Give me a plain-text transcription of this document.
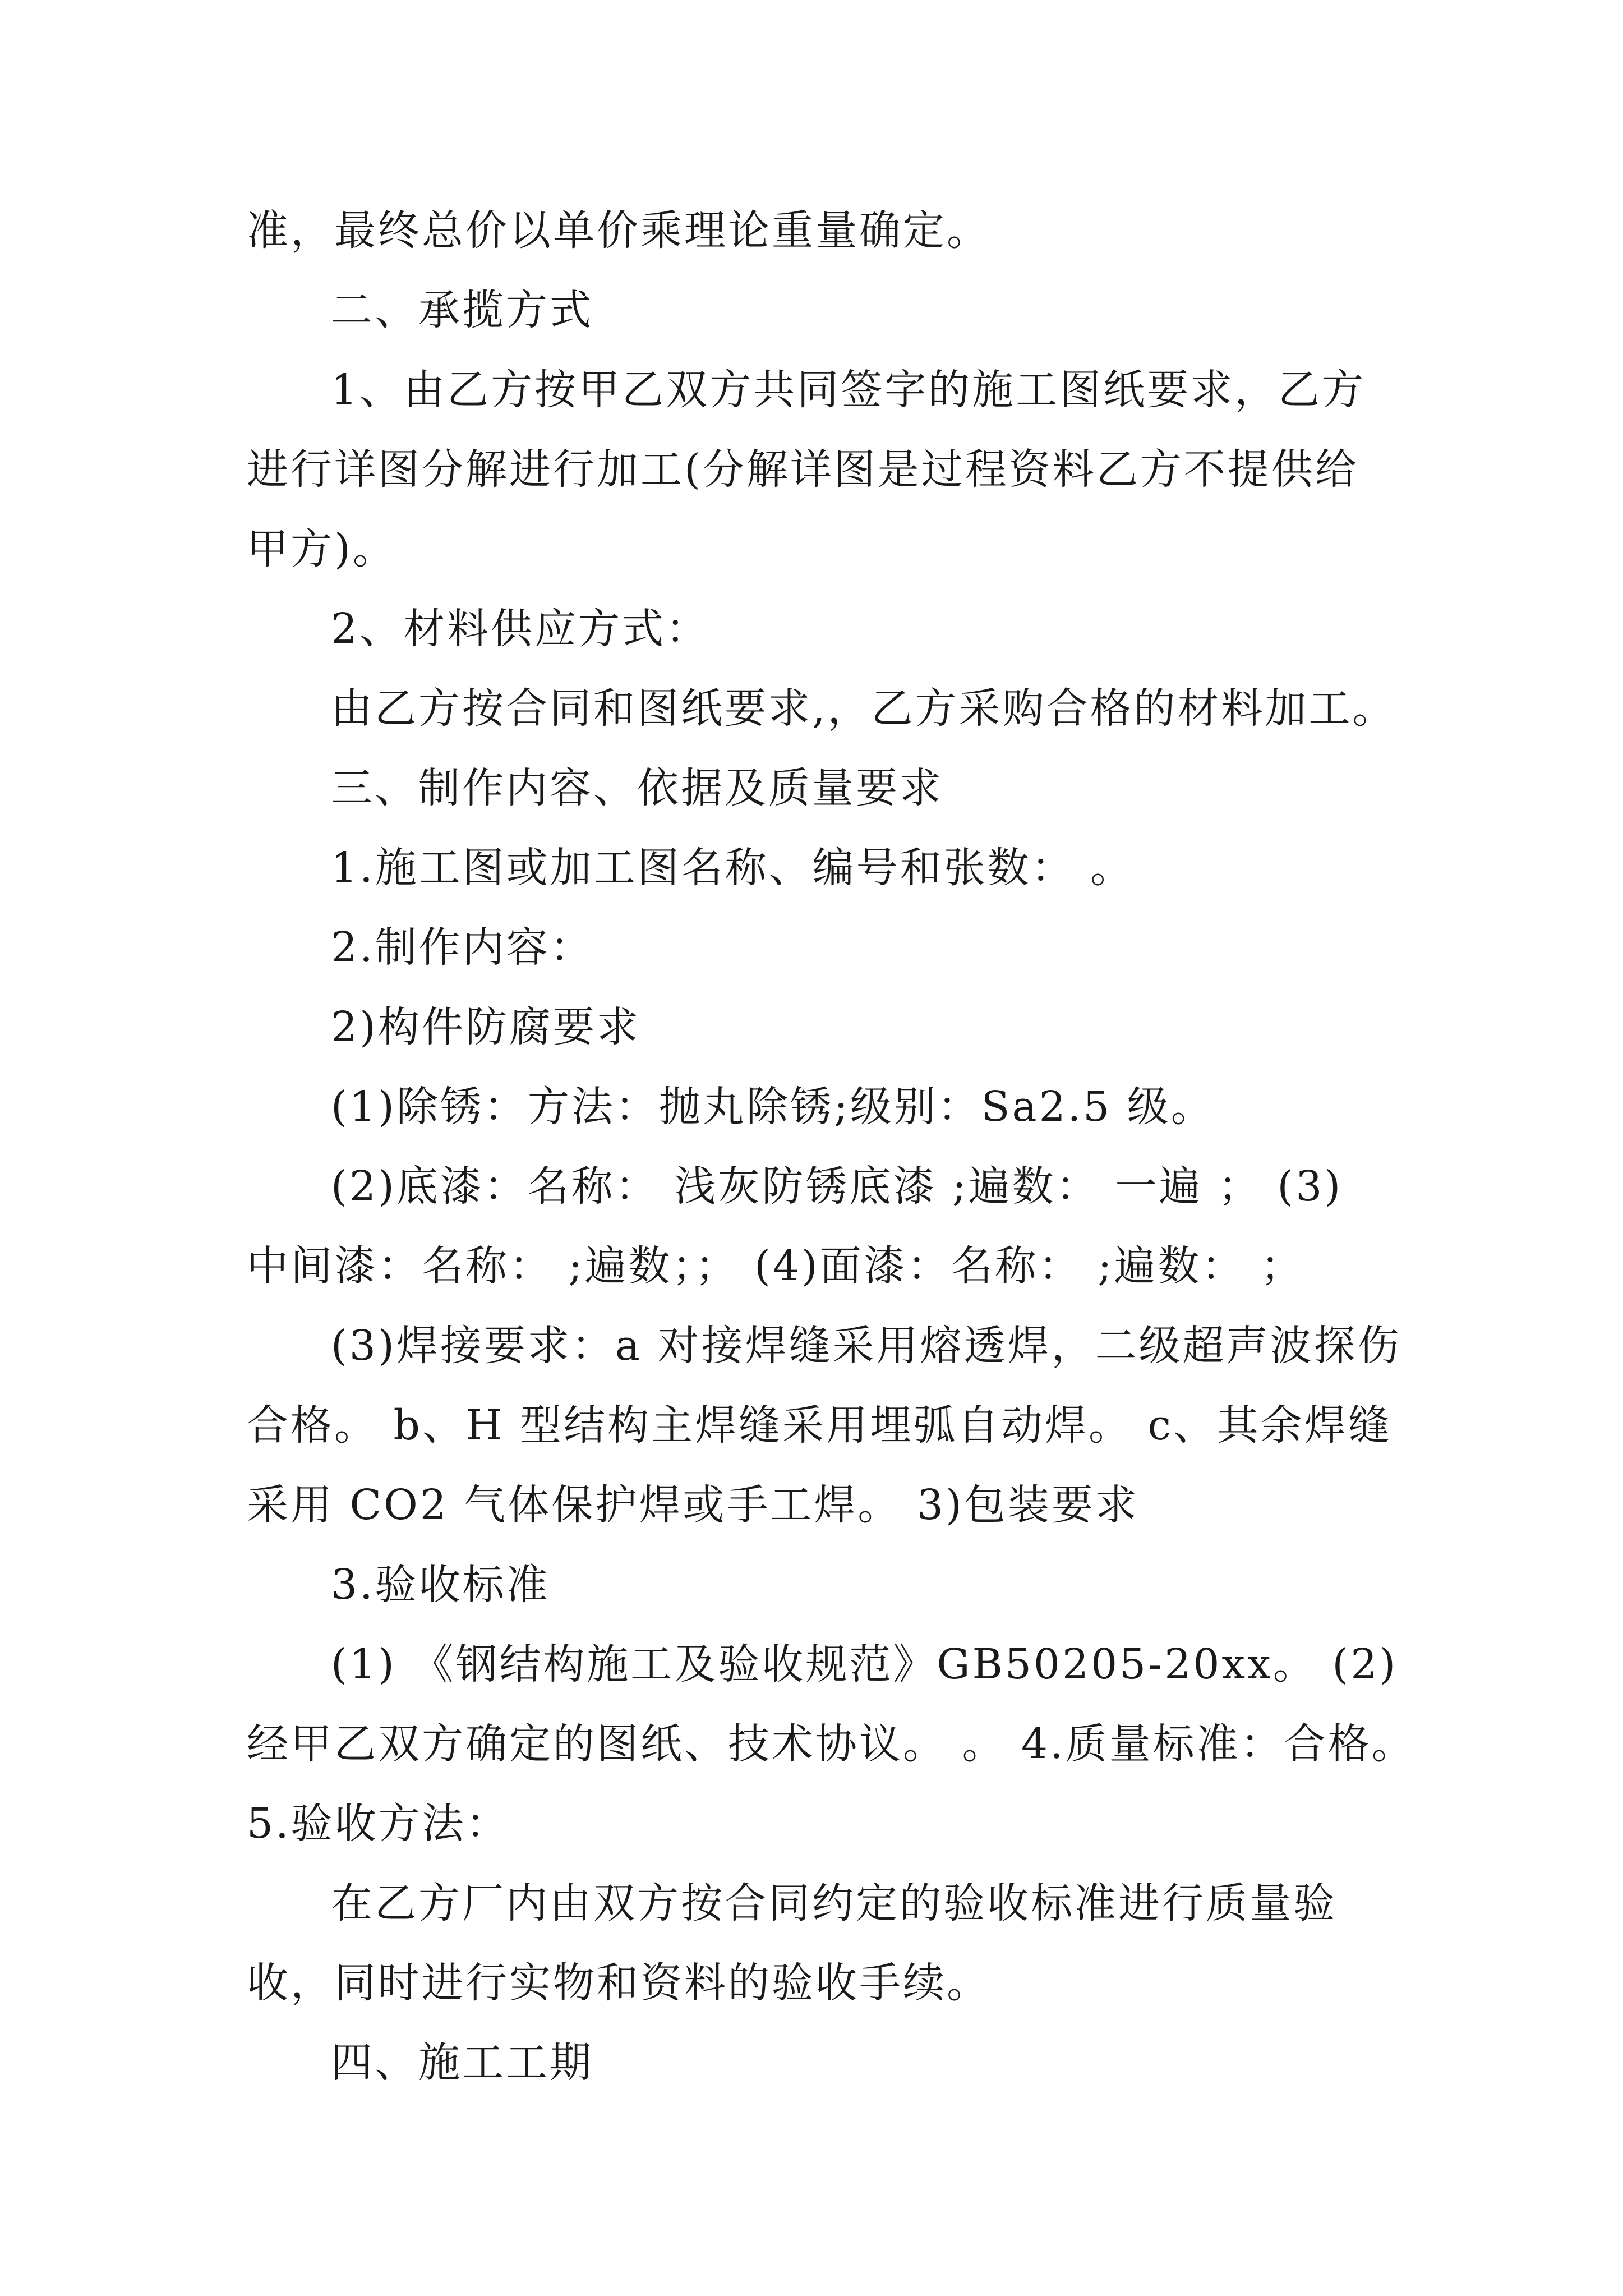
准，最终总价以单价乘理论重量确定。
二、承揽方式
1、由乙方按甲乙双方共同签字的施工图纸要求，乙方
进行详图分解进行加工(分解详图是过程资料乙方不提供给
甲方)。
2、材料供应方式：
由乙方按合同和图纸要求,，乙方采购合格的材料加工。
三、制作内容、依据及质量要求
1.施工图或加工图名称、编号和张数： 。
2.制作内容：
2)构件防腐要求
(1)除锈：方法：抛丸除锈;级别：Sa2.5 级。
(2)底漆：名称： 浅灰防锈底漆 ;遍数： 一遍 ； (3)
中间漆：名称： ;遍数；； (4)面漆：名称： ;遍数： ；
(3)焊接要求：a 对接焊缝采用熔透焊，二级超声波探伤
合格。 b、H 型结构主焊缝采用埋弧自动焊。 c、其余焊缝
采用 CO2 气体保护焊或手工焊。 3)包装要求
3.验收标准
(1) 《钢结构施工及验收规范》GB50205-20xx。 (2)
经甲乙双方确定的图纸、技术协议。 。 4.质量标准：合格。
5.验收方法：
在乙方厂内由双方按合同约定的验收标准进行质量验
收，同时进行实物和资料的验收手续。
四、施工工期
